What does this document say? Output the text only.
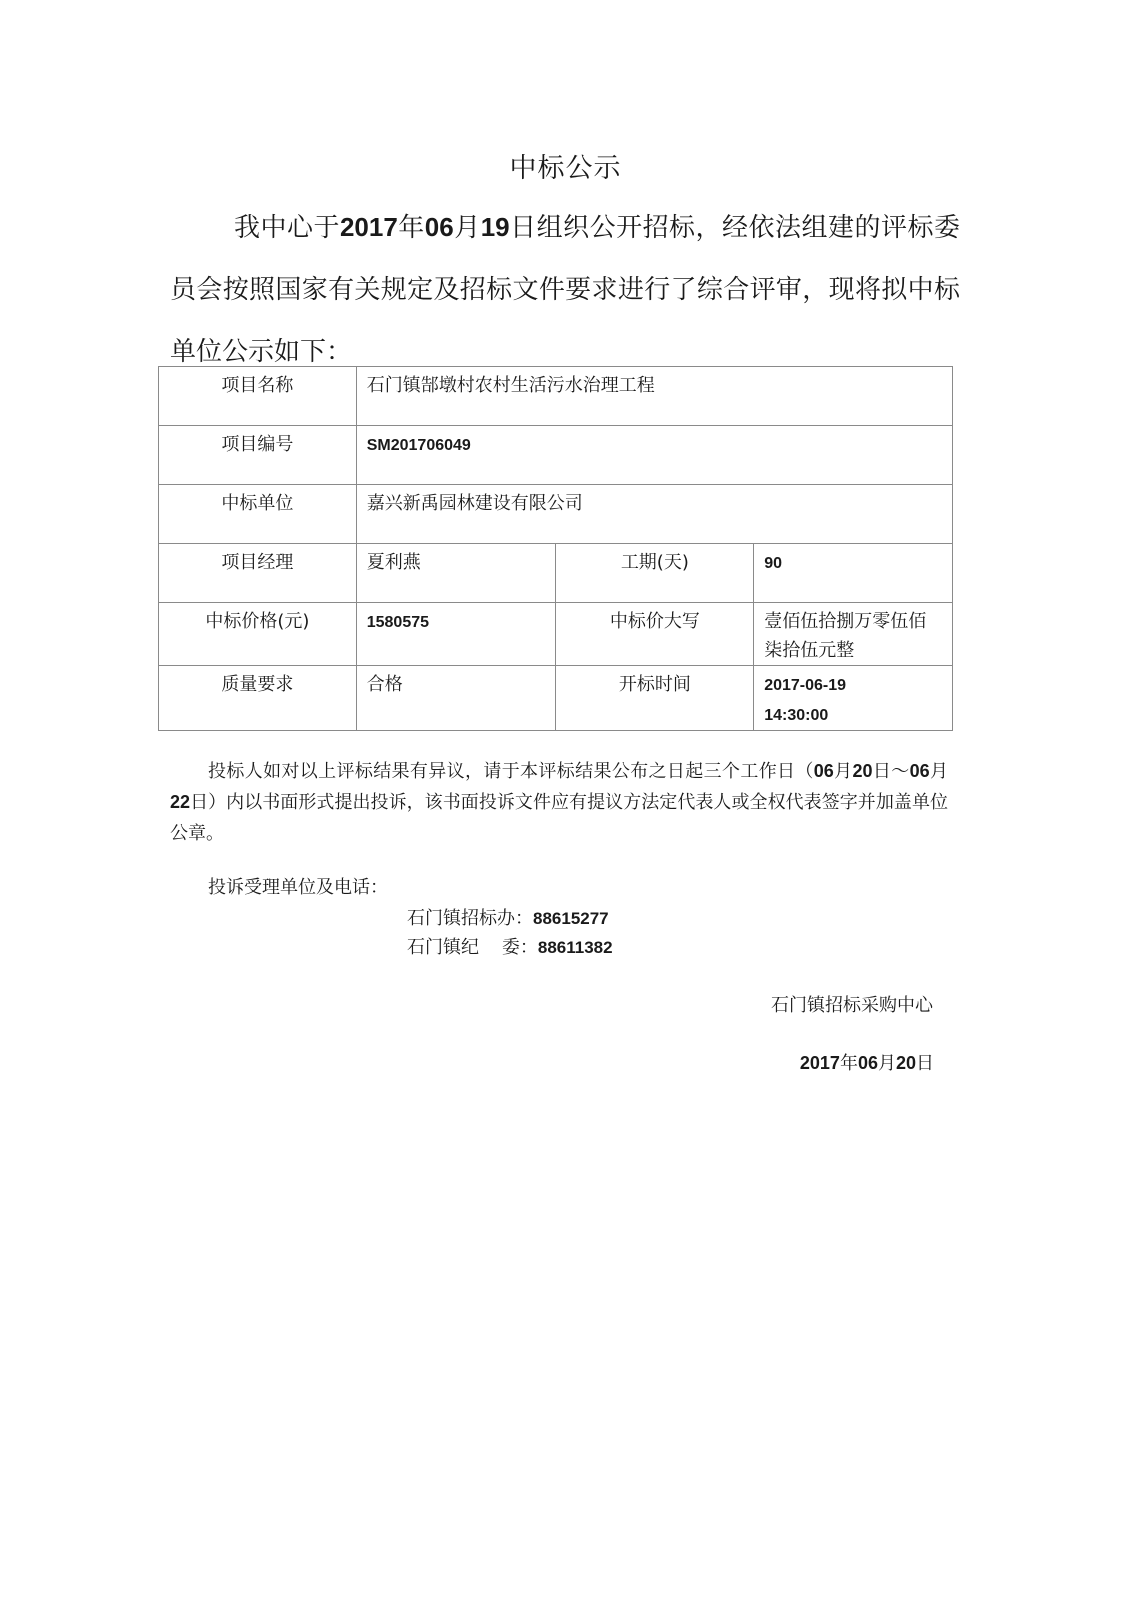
中标公示
我中心于2017年06月19日组织公开招标，经依法组建的评标委员会按照国家有关规定及招标文件要求进行了综合评审，现将拟中标单位公示如下：
项目名称	石门镇郜墩村农村生活污水治理工程		
项目编号	SM201706049		
中标单位	嘉兴新禹园林建设有限公司		
项目经理	夏利燕	工期(天)	90
中标价格(元)	1580575	中标价大写	壹佰伍拾捌万零伍佰柒拾伍元整
质量要求	合格	开标时间	2017-06-19
14:30:00
投标人如对以上评标结果有异议，请于本评标结果公布之日起三个工作日（06月20日～06月22日）内以书面形式提出投诉，该书面投诉文件应有提议方法定代表人或全权代表签字并加盖单位公章。
投诉受理单位及电话：
石门镇招标办：88615277
石门镇纪    委：88611382
石门镇招标采购中心
2017年06月20日
